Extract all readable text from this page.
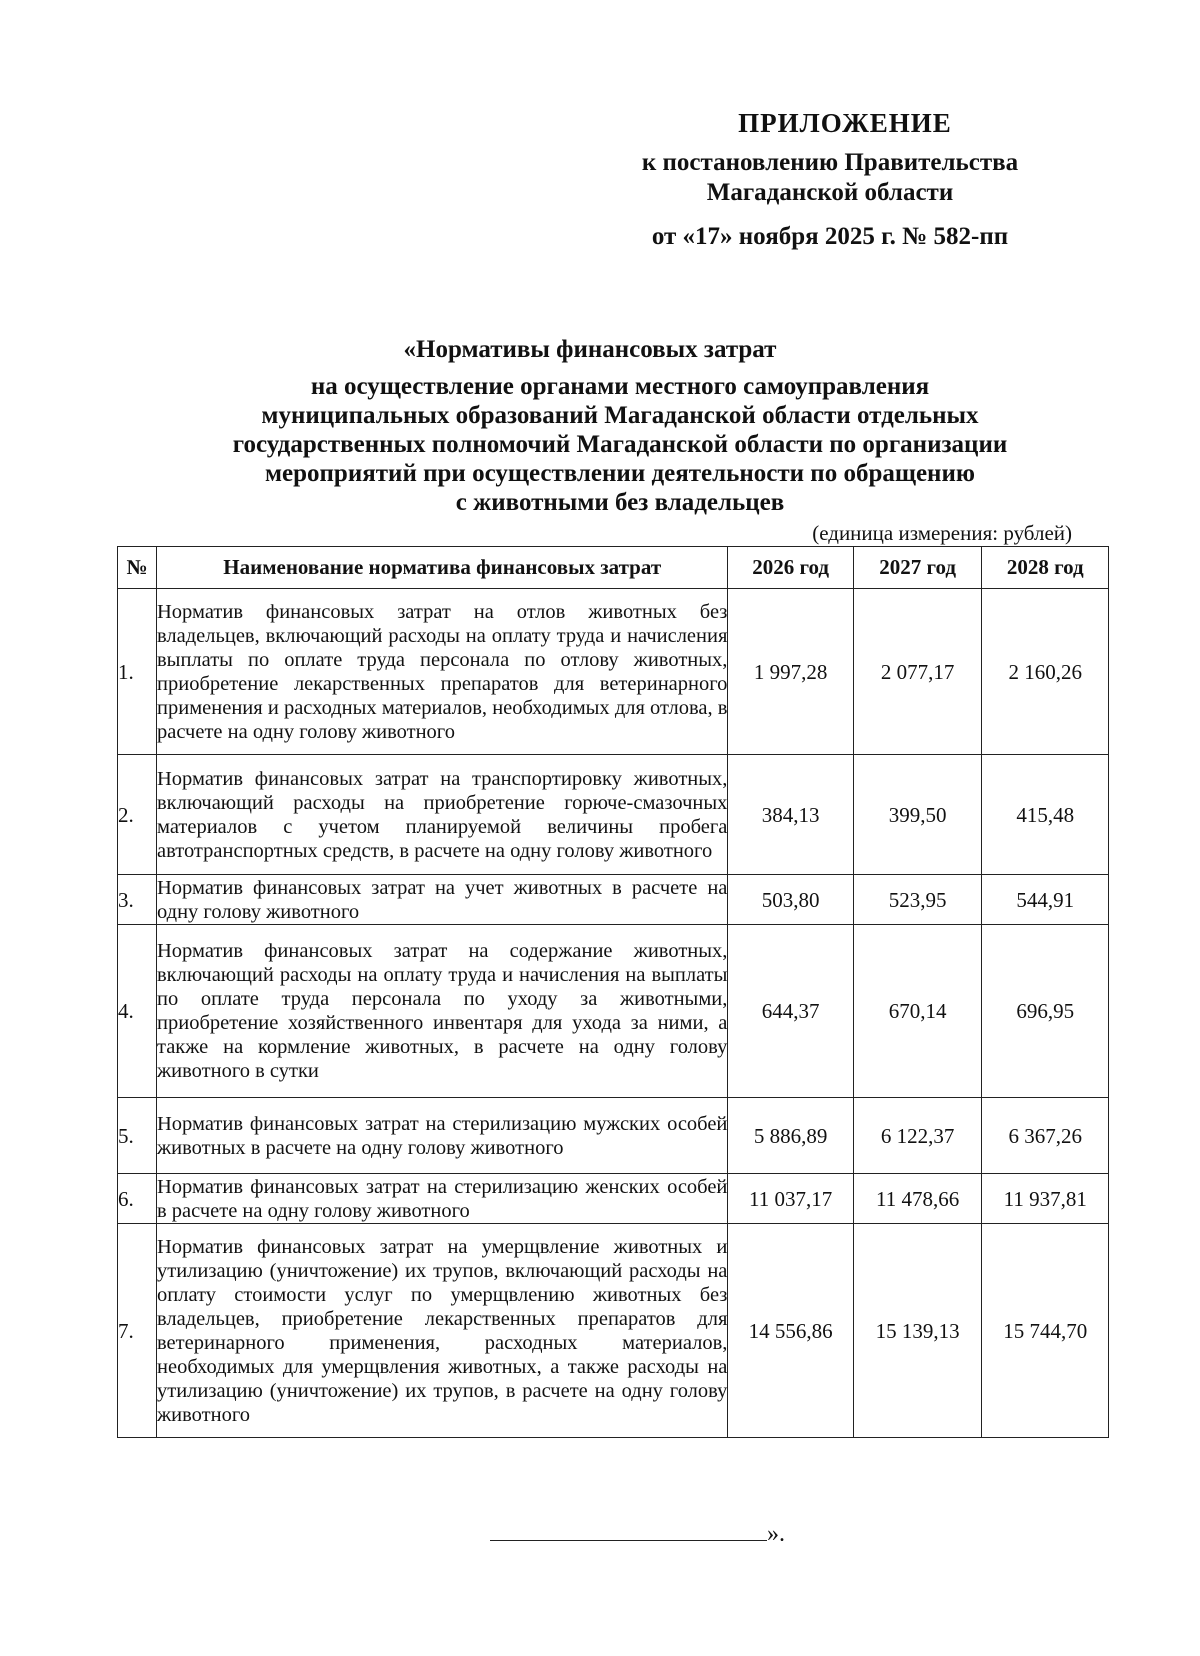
ПРИЛОЖЕНИЕ
к постановлению Правительства
Магаданской области
от «17» ноября 2025 г. № 582-пп
«Нормативы финансовых затрат
на осуществление органами местного самоуправления
муниципальных образований Магаданской области отдельных
государственных полномочий Магаданской области по организации
мероприятий при осуществлении деятельности по обращению
с животными без владельцев
(единица измерения: рублей)
№	Наименование норматива финансовых затрат	2026 год	2027 год	2028 год
1.	Норматив финансовых затрат на отлов животных без владельцев, включающий расходы на оплату труда и начисления выплаты по оплате труда персонала по отлову животных, приобретение лекарственных препаратов для ветеринарного применения и расходных материалов, необходимых для отлова, в расчете на одну голову животного	1 997,28	2 077,17	2 160,26
2.	Норматив финансовых затрат на транспортировку животных, включающий расходы на приобретение горюче-смазочных материалов с учетом планируемой величины пробега автотранспортных средств, в расчете на одну голову животного	384,13	399,50	415,48
3.	Норматив финансовых затрат на учет животных в расчете на одну голову животного	503,80	523,95	544,91
4.	Норматив финансовых затрат на содержание животных, включающий расходы на оплату труда и начисления на выплаты по оплате труда персонала по уходу за животными, приобретение хозяйственного инвентаря для ухода за ними, а также на кормление животных, в расчете на одну голову животного в сутки	644,37	670,14	696,95
5.	Норматив финансовых затрат на стерилизацию мужских особей животных в расчете на одну голову животного	5 886,89	6 122,37	6 367,26
6.	Норматив финансовых затрат на стерилизацию женских особей в расчете на одну голову животного	11 037,17	11 478,66	11 937,81
7.	Норматив финансовых затрат на умерщвление животных и утилизацию (уничтожение) их трупов, включающий расходы на оплату стоимости услуг по умерщвлению животных без владельцев, приобретение лекарственных препаратов для ветеринарного применения, расходных материалов, необходимых для умерщвления животных, а также расходы на утилизацию (уничтожение) их трупов, в расчете на одну голову животного	14 556,86	15 139,13	15 744,70
».
